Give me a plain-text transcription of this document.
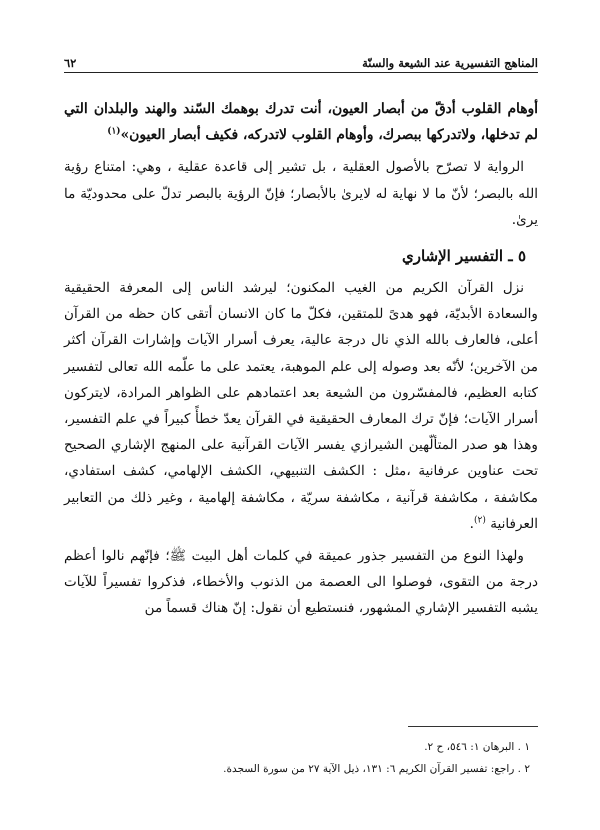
المناهج التفسيرية عند الشيعة والسنّة
٦٢

أوهام القلوب أدقّ من أبصار العيون، أنت تدرك بوهمك السّند والهند والبلدان التي لم تدخلها، ولاتدركها ببصرك، وأوهام القلوب لاتدركه، فكيف أبصار العيون»$^{(١)}$

الرواية لا تصرّح بالأصول العقلية ، بل تشير إلى قاعدة عقلية ، وهي: امتناع رؤية الله بالبصر؛ لأنّ ما لا نهاية له لايرىٰ بالأبصار؛ فإنّ الرؤية بالبصر تدلّ على محدوديّة ما يرىٰ.

٥ ـ التفسير الإشاري

نزل القرآن الكريم من الغيب المكنون؛ ليرشد الناس إلى المعرفة الحقيقية والسعادة الأبديّة، فهو هدىً للمتقين، فكلّ ما كان الانسان أتقى كان حظه من القرآن أعلى، فالعارف بالله الذي نال درجة عالية، يعرف أسرار الآيات وإشارات القرآن أكثر من الآخرين؛ لأنّه بعد وصوله إلى علم الموهبة، يعتمد على ما علّمه الله تعالى لتفسير كتابه العظيم، فالمفسّرون من الشيعة بعد اعتمادهم على الظواهر المرادة، لايتركون أسرار الآيات؛ فإنّ ترك المعارف الحقيقية في القرآن يعدّ خطأً كبيراً في علم التفسير، وهذا هو صدر المتألّهين الشيرازي يفسر الآيات القرآنية على المنهج الإشاري الصحيح تحت عناوين عرفانية ،مثل : الكشف التنبيهي، الكشف الإلهامي، كشف استفادي، مكاشفة ، مكاشفة قرآنية ، مكاشفة سريّة ، مكاشفة إلهامية ، وغير ذلك من التعابير العرفانية $^{(٢)}$.

ولهذا النوع من التفسير جذور عميقة في كلمات أهل البيت ﷺ؛ فإنّهم نالوا أعظم درجة من التقوى، فوصلوا الى العصمة من الذنوب والأخطاء، فذكروا تفسيراً للآيات يشبه التفسير الإشاري المشهور، فنستطيع أن نقول: إنّ هناك قسماً من

١ . البرهان ١: ٥٤٦، ح ٢.
٢ . راجع: تفسير القرآن الكريم ٦: ١٣١، ذيل الآية ٢٧ من سورة السجدة.
